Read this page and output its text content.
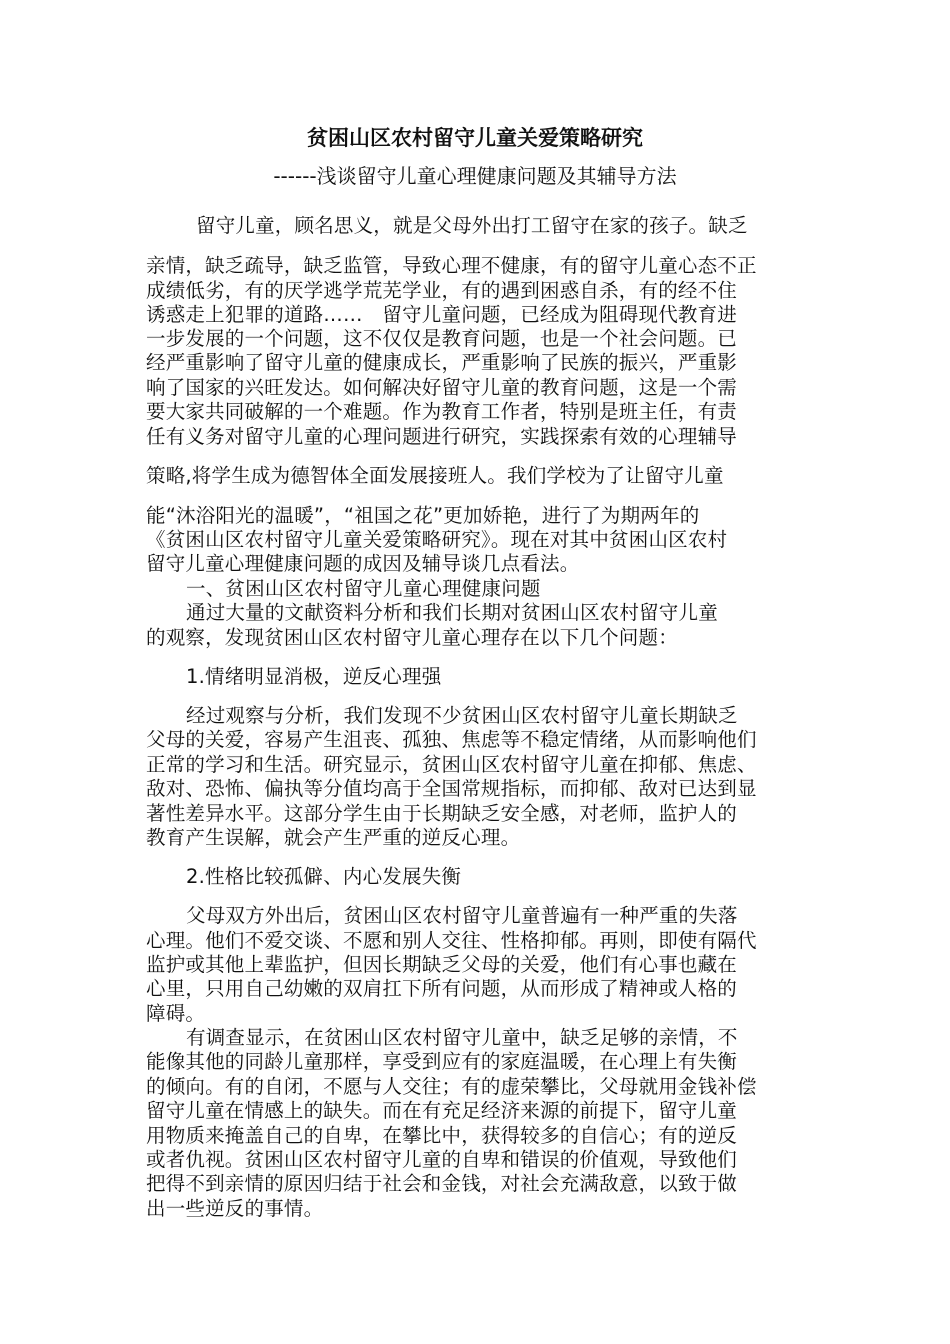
贫困山区农村留守儿童关爱策略研究
------浅谈留守儿童心理健康问题及其辅导方法
留守儿童，顾名思义，就是父母外出打工留守在家的孩子。缺乏
亲情，缺乏疏导，缺乏监管，导致心理不健康，有的留守儿童心态不正
成绩低劣，有的厌学逃学荒芜学业，有的遇到困惑自杀，有的经不住
诱惑走上犯罪的道路……　留守儿童问题，已经成为阻碍现代教育进
一步发展的一个问题，这不仅仅是教育问题，也是一个社会问题。已
经严重影响了留守儿童的健康成长，严重影响了民族的振兴，严重影
响了国家的兴旺发达。如何解决好留守儿童的教育问题，这是一个需
要大家共同破解的一个难题。作为教育工作者，特别是班主任，有责
任有义务对留守儿童的心理问题进行研究，实践探索有效的心理辅导
策略,将学生成为德智体全面发展接班人。我们学校为了让留守儿童
能“沐浴阳光的温暖”，“祖国之花”更加娇艳，进行了为期两年的
《贫困山区农村留守儿童关爱策略研究》。现在对其中贫困山区农村
留守儿童心理健康问题的成因及辅导谈几点看法。
一、贫困山区农村留守儿童心理健康问题
通过大量的文献资料分析和我们长期对贫困山区农村留守儿童
的观察，发现贫困山区农村留守儿童心理存在以下几个问题：
1.情绪明显消极，逆反心理强
经过观察与分析，我们发现不少贫困山区农村留守儿童长期缺乏
父母的关爱，容易产生沮丧、孤独、焦虑等不稳定情绪，从而影响他们
正常的学习和生活。研究显示，贫困山区农村留守儿童在抑郁、焦虑、
敌对、恐怖、偏执等分值均高于全国常规指标，而抑郁、敌对已达到显
著性差异水平。这部分学生由于长期缺乏安全感，对老师，监护人的
教育产生误解，就会产生严重的逆反心理。
2.性格比较孤僻、内心发展失衡
父母双方外出后，贫困山区农村留守儿童普遍有一种严重的失落
心理。他们不爱交谈、不愿和别人交往、性格抑郁。再则，即使有隔代
监护或其他上辈监护，但因长期缺乏父母的关爱，他们有心事也藏在
心里，只用自己幼嫩的双肩扛下所有问题，从而形成了精神或人格的
障碍。
有调查显示，在贫困山区农村留守儿童中，缺乏足够的亲情，不
能像其他的同龄儿童那样，享受到应有的家庭温暖，在心理上有失衡
的倾向。有的自闭，不愿与人交往；有的虚荣攀比，父母就用金钱补偿
留守儿童在情感上的缺失。而在有充足经济来源的前提下，留守儿童
用物质来掩盖自己的自卑，在攀比中，获得较多的自信心；有的逆反
或者仇视。贫困山区农村留守儿童的自卑和错误的价值观，导致他们
把得不到亲情的原因归结于社会和金钱，对社会充满敌意，以致于做
出一些逆反的事情。
